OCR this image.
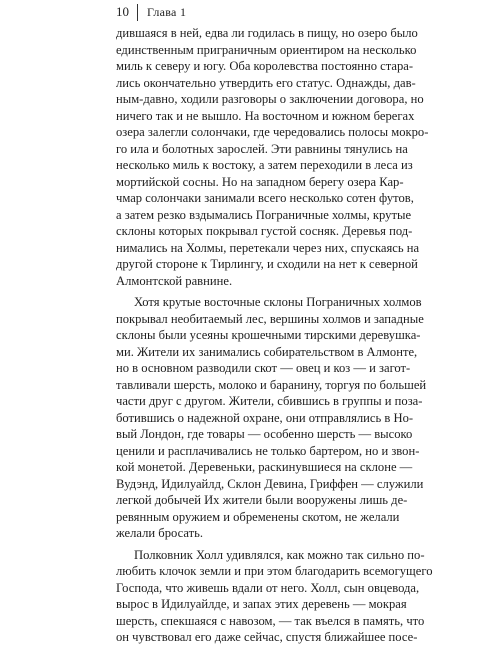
10 Глава 1
дившаяся в ней, едва ли годилась в пищу, но озеро было
единственным приграничным ориентиром на несколько
миль к северу и югу. Оба королевства постоянно стара-
лись окончательно утвердить его статус. Однажды, дав-
ным-давно, ходили разговоры о заключении договора, но
ничего так и не вышло. На восточном и южном берегах
озера залегли солончаки, где чередовались полосы мокро-
го ила и болотных зарослей. Эти равнины тянулись на
несколько миль к востоку, а затем переходили в леса из
мортийской сосны. Но на западном берегу озера Кар-
чмар солончаки занимали всего несколько сотен футов,
а затем резко вздымались Пограничные холмы, крутые
склоны которых покрывал густой сосняк. Деревья под-
нимались на Холмы, перетекали через них, спускаясь на
другой стороне к Тирлингу, и сходили на нет к северной
Алмонтской равнине.
Хотя крутые восточные склоны Пограничных холмов
покрывал необитаемый лес, вершины холмов и западные
склоны были усеяны крошечными тирскими деревушка-
ми. Жители их занимались собирательством в Алмонте,
но в основном разводили скот — овец и коз — и загот-
тавливали шерсть, молоко и баранину, торгуя по большей
части друг с другом. Жители, сбившись в группы и поза-
ботившись о надежной охране, они отправлялись в Но-
вый Лондон, где товары — особенно шерсть — высоко
ценили и расплачивались не только бартером, но и звон-
кой монетой. Деревеньки, раскинувшиеся на склоне —
Вудэнд, Идилуайлд, Склон Девина, Гриффен — служили
легкой добычей Их жители были вооружены лишь де-
ревянным оружием и обременены скотом, не желали
желали бросать.
Полковник Холл удивлялся, как можно так сильно по-
любить клочок земли и при этом благодарить всемогущего
Господа, что живешь вдали от него. Холл, сын овцевода,
вырос в Идилуайлде, и запах этих деревень — мокрая
шерсть, спекшаяся с навозом, — так въелся в память, что
он чувствовал его даже сейчас, спустя ближайшее посе-
